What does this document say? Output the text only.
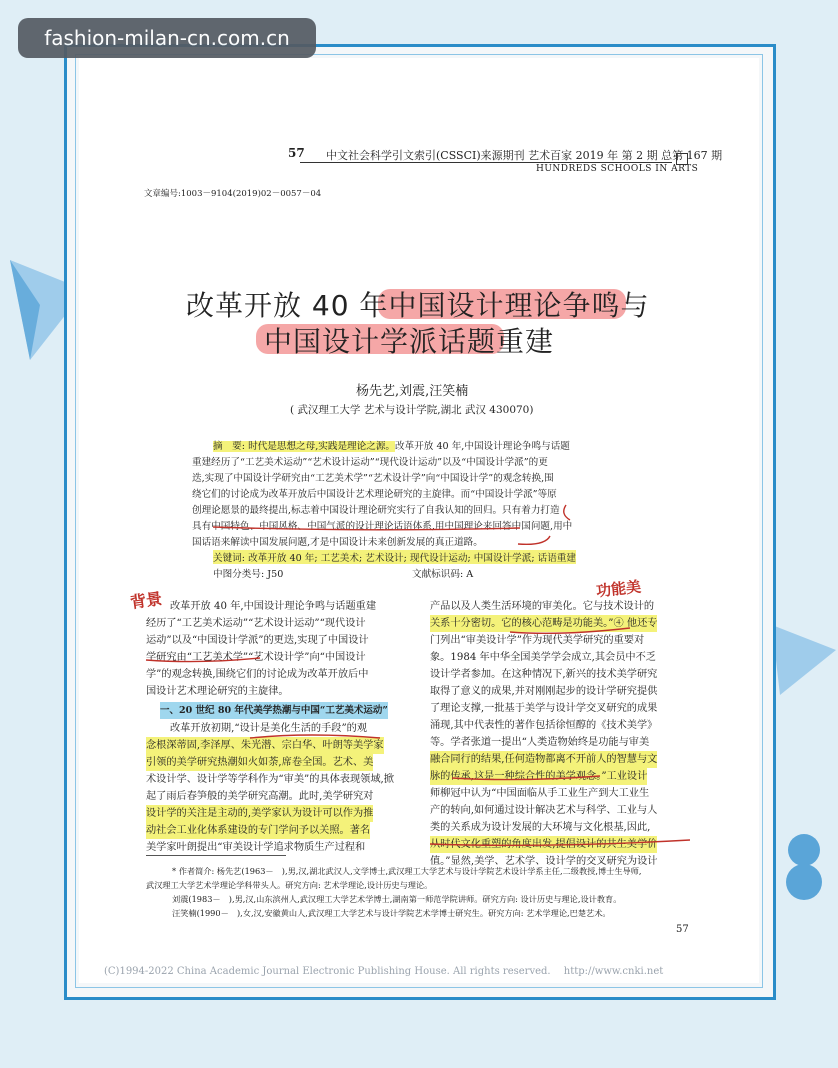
fashion-milan-cn.com.cn
57 中文社会科学引文索引(CSSCI)来源期刊 艺术百家 2019 年 第 2 期 总第 167 期
HUNDREDS SCHOOLS IN ARTS
文章编号:1003－9104(2019)02－0057－04
改革开放 40 年中国设计理论争鸣与
中国设计学派话题重建
杨先艺,刘震,汪笑楠
( 武汉理工大学 艺术与设计学院,湖北 武汉 430070)
摘　要: 时代是思想之母,实践是理论之源。改革开放 40 年,中国设计理论争鸣与话题
重建经历了“工艺美术运动”“艺术设计运动”“现代设计运动”以及“中国设计学派”的更
迭,实现了中国设计学研究由“工艺美术学”“艺术设计学”向“中国设计学”的观念转换,围
绕它们的讨论成为改革开放后中国设计艺术理论研究的主旋律。而“中国设计学派”等原
创理论愿景的最终提出,标志着中国设计理论研究实行了自我认知的回归。只有着力打造
具有中国特色、中国风格、中国气派的设计理论话语体系,用中国理论来回答中国问题,用中
国话语来解读中国发展问题,才是中国设计未来创新发展的真正道路。
关键词: 改革开放 40 年; 工艺美术; 艺术设计; 现代设计运动; 中国设计学派; 话语重建
中图分类号: J50	文献标识码: A
改革开放 40 年,中国设计理论争鸣与话题重建
经历了“工艺美术运动”“艺术设计运动”“现代设计
运动”以及“中国设计学派”的更迭,实现了中国设计
学研究由“工艺美术学”“艺术设计学”向“中国设计
学”的观念转换,围绕它们的讨论成为改革开放后中
国设计艺术理论研究的主旋律。
一、20 世纪 80 年代美学热潮与中国“工艺美术运动”
改革开放初期,“设计是美化生活的手段”的观
念根深蒂固,李泽厚、朱光潜、宗白华、叶朗等美学家
引领的美学研究热潮如火如荼,席卷全国。艺术、美
术设计学、设计学等学科作为“审美”的具体表现领域,掀
起了雨后春笋般的美学研究高潮。此时,美学研究对
设计学的关注是主动的,美学家认为设计可以作为推
动社会工业化体系建设的专门学问予以关照。著名
美学家叶朗提出“审美设计学追求物质生产过程和
产品以及人类生活环境的审美化。它与技术设计的
关系十分密切。它的核心范畴是功能美。”④ 他还专
门列出“审美设计学”作为现代美学研究的重要对
象。1984 年中华全国美学学会成立,其会员中不乏
设计学者参加。在这种情况下,新兴的技术美学研究
取得了意义的成果,并对刚刚起步的设计学研究提供
了理论支撑,一批基于美学与设计学交叉研究的成果
涌现,其中代表性的著作包括徐恒醇的《技术美学》
等。学者张道一提出“人类造物始终是功能与审美
融合同行的结果,任何造物都离不开前人的智慧与文
脉的传承,这是一种综合性的美学观念。”工业设计
师柳冠中认为“中国面临从手工业生产到大工业生
产的转向,如何通过设计解决艺术与科学、工业与人
类的关系成为设计发展的大环境与文化根基,因此,
从时代文化重塑的角度出发,提倡设计的共生美学价
值。”显然,美学、艺术学、设计学的交叉研究为设计
背景	功能美
* 作者简介: 杨先艺(1963－　),男,汉,湖北武汉人,文学博士,武汉理工大学艺术与设计学院艺术设计学系主任,二级教授,博士生导师,
武汉理工大学艺术学理论学科带头人。研究方向: 艺术学理论,设计历史与理论。
刘震(1983－　),男,汉,山东滨州人,武汉理工大学艺术学博士,湖南第一师范学院讲师。研究方向: 设计历史与理论,设计教育。
汪笑楠(1990－　),女,汉,安徽黄山人,武汉理工大学艺术与设计学院艺术学博士研究生。研究方向: 艺术学理论,巴楚艺术。
57
(C)1994-2022 China Academic Journal Electronic Publishing House. All rights reserved.　 http://www.cnki.net
